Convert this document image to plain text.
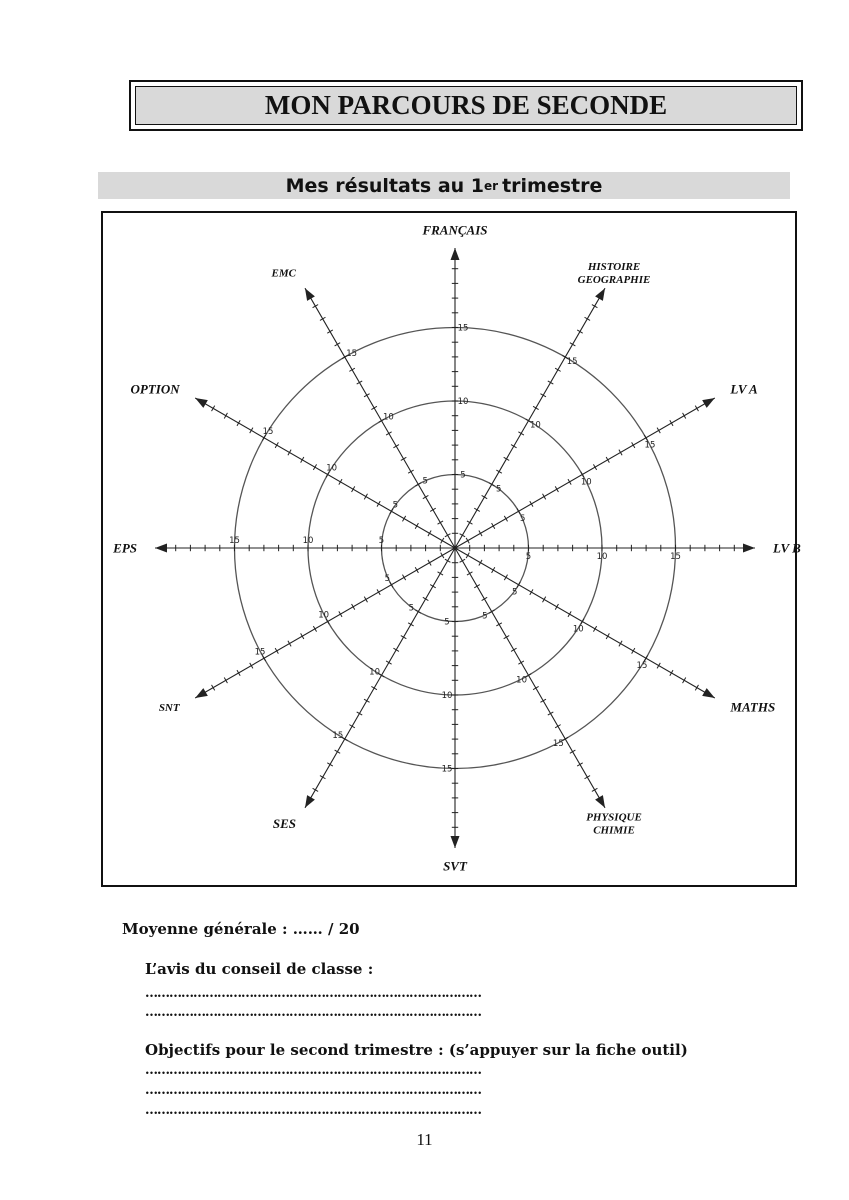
MON PARCOURS DE SECONDE
Mes résultats au 1 er trimestre
5
10
15
FRANÇAIS
5
10
15
HISTOIRE
GEOGRAPHIE
5
10
15
LV A
5	10	15
LV B
5
10
15
MATHS
5
10
15
PHYSIQUE
CHIMIE
5
10
15
SVT
5
10
15
SES
5
10
15
SNT
5
10
15
EPS
5
10
15
OPTION
5
10
15
EMC
Moyenne générale : …… / 20
L’avis du conseil de classe :
…………………………………………………………………………
…………………………………………………………………………
Objectifs pour le second trimestre : (s’appuyer sur la fiche outil)
…………………………………………………………………………
…………………………………………………………………………
…………………………………………………………………………
11
